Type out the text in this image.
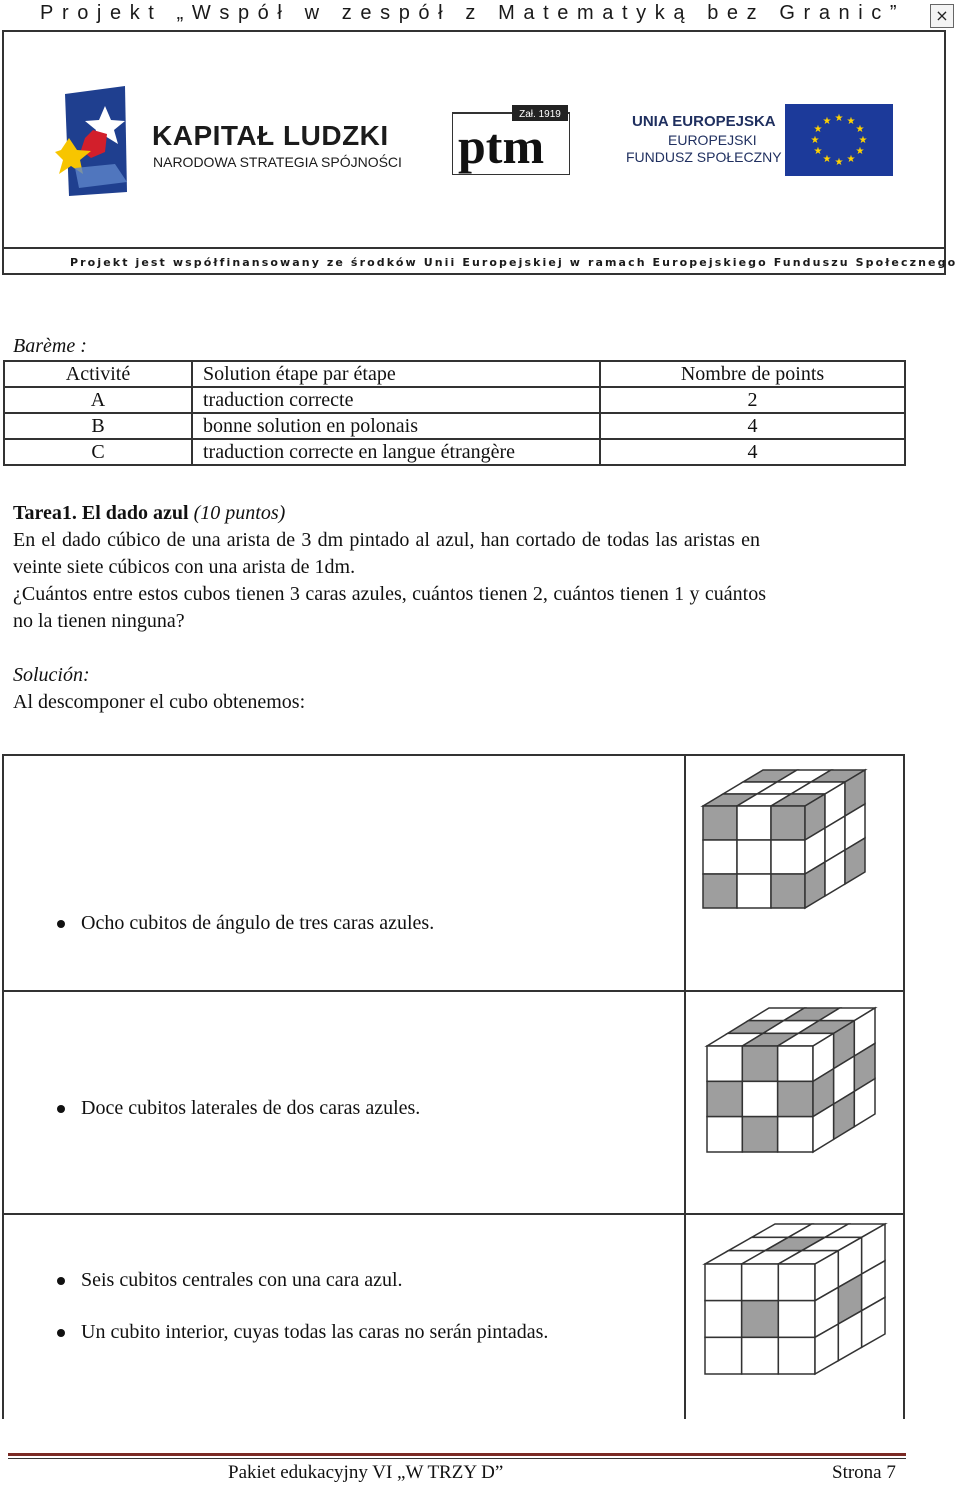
Projekt „Współ w zespół z Matematyką bez Granic”	×
KAPITAŁ LUDZKI
NARODOWA STRATEGIA SPÓJNOŚCI
Zał. 1919
ptm	UNIA EUROPEJSKA
EUROPEJSKI
FUNDUSZ SPOŁECZNY
★ ★
★
★
★
★
★
★
★
★
★
★
Projekt jest współfinansowany ze środków Unii Europejskiej w ramach Europejskiego Funduszu Społecznego
Barème :
Activité	Solution étape par étape	Nombre de points
A	traduction correcte	2
B	bonne solution en polonais	4
C	traduction correcte en langue étrangère	4
Tarea1. El dado azul (10 puntos)
En el dado cúbico de una arista de 3 dm pintado al azul, han cortado de todas las aristas en
veinte siete cúbicos con una arista de 1dm.
¿Cuántos entre estos cubos tienen 3 caras azules, cuántos tienen 2, cuántos tienen 1 y cuántos
no la tienen ninguna?
Solución:
Al descomponer el cubo obtenemos:
Ocho cubitos de ángulo de tres caras azules.
Doce cubitos laterales de dos caras azules.
Seis cubitos centrales con una cara azul.
Un cubito interior, cuyas todas las caras no serán pintadas.
Pakiet edukacyjny VI „W TRZY D”	Strona 7
